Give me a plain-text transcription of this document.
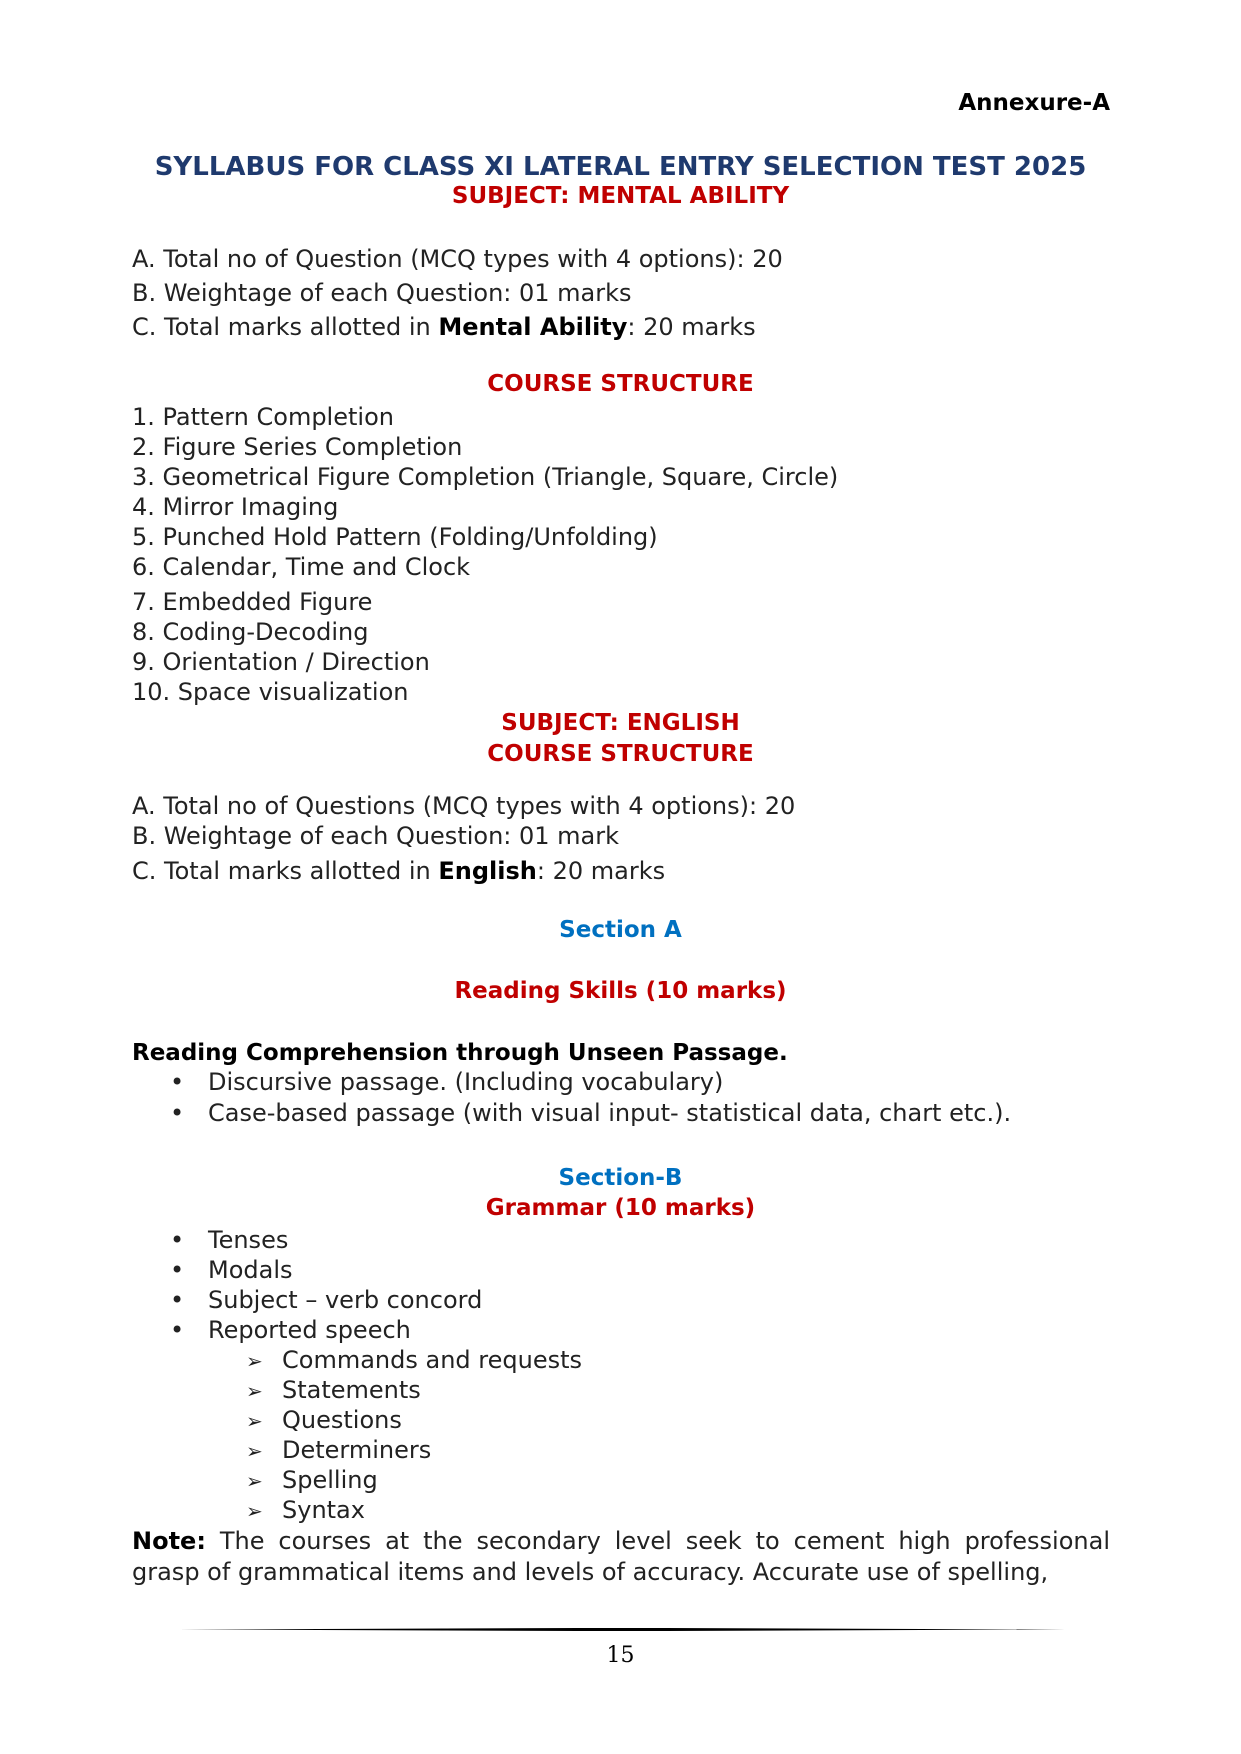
Annexure-A
SYLLABUS FOR CLASS XI LATERAL ENTRY SELECTION TEST 2025
SUBJECT: MENTAL ABILITY
A. Total no of Question (MCQ types with 4 options): 20
B. Weightage of each Question: 01 marks
C. Total marks allotted in Mental Ability: 20 marks
COURSE STRUCTURE
1. Pattern Completion
2. Figure Series Completion
3. Geometrical Figure Completion (Triangle, Square, Circle)
4. Mirror Imaging
5. Punched Hold Pattern (Folding/Unfolding)
6. Calendar, Time and Clock
7. Embedded Figure
8. Coding-Decoding
9. Orientation / Direction
10. Space visualization
SUBJECT: ENGLISH
COURSE STRUCTURE
A. Total no of Questions (MCQ types with 4 options): 20
B. Weightage of each Question: 01 mark
C. Total marks allotted in English: 20 marks
Section A
Reading Skills (10 marks)
Reading Comprehension through Unseen Passage.
• Discursive passage. (Including vocabulary)
• Case-based passage (with visual input- statistical data, chart etc.).
Section-B
Grammar (10 marks)
• Tenses
• Modals
• Subject – verb concord
• Reported speech
➢ Commands and requests
➢ Statements
➢ Questions
➢ Determiners
➢ Spelling
➢ Syntax
Note: The courses at the secondary level seek to cement high professional grasp of grammatical items and levels of accuracy. Accurate use of spelling,
15
